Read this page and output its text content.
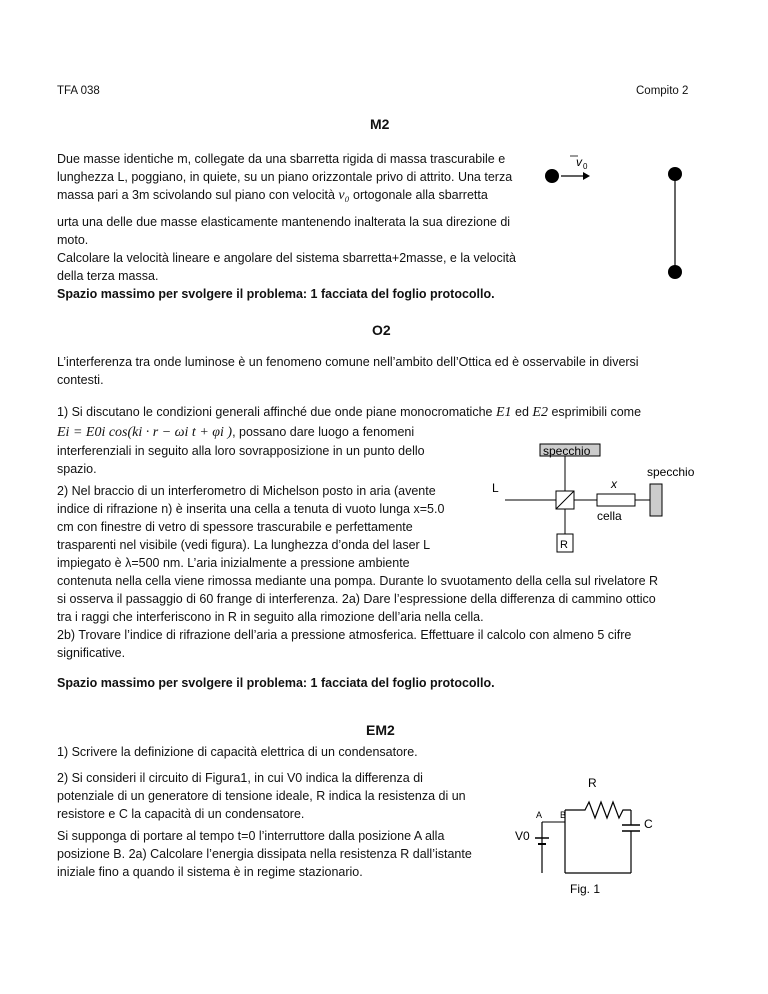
TFA 038	Compito 2
M2
Due masse identiche m, collegate da una sbarretta rigida di massa trascurabile e
lunghezza L, poggiano, in quiete, su un piano orizzontale privo di attrito. Una terza
massa pari a 3m scivolando sul piano con velocità v₀ ortogonale alla sbarretta
urta una delle due masse elasticamente mantenendo inalterata la sua direzione di
moto.
Calcolare la velocità lineare e angolare del sistema sbarretta+2masse, e la velocità
della terza massa.
Spazio massimo per svolgere il problema: 1 facciata del foglio protocollo.
v 0
O2
L’interferenza tra onde luminose è un fenomeno comune nell’ambito dell’Ottica ed è osservabile in diversi
contesti.
1) Si discutano le condizioni generali affinché due onde piane monocromatiche E1 ed E2 esprimibili come
Ei = E0i cos(ki · r − ωi t + φi ), possano dare luogo a fenomeni
interferenziali in seguito alla loro sovrapposizione in un punto dello
spazio.
2) Nel braccio di un interferometro di Michelson posto in aria (avente
indice di rifrazione n) è inserita una cella a tenuta di vuoto lunga x=5.0
cm con finestre di vetro di spessore trascurabile e perfettamente
trasparenti nel visibile (vedi figura). La lunghezza d’onda del laser L
impiegato è λ=500 nm. L’aria inizialmente a pressione ambiente
contenuta nella cella viene rimossa mediante una pompa. Durante lo svuotamento della cella sul rivelatore R
si osserva il passaggio di 60 frange di interferenza. 2a) Dare l’espressione della differenza di cammino ottico
tra i raggi che interferiscono in R in seguito alla rimozione dell’aria nella cella.
2b) Trovare l’indice di rifrazione dell’aria a pressione atmosferica. Effettuare il calcolo con almeno 5 cifre
significative.
Spazio massimo per svolgere il problema: 1 facciata del foglio protocollo.
specchio
specchio
L	x
cella
R
EM2
1) Scrivere la definizione di capacità elettrica di un condensatore.
2) Si consideri il circuito di Figura1, in cui V0 indica la differenza di
potenziale di un generatore di tensione ideale, R indica la resistenza di un
resistore e C la capacità di un condensatore.
Si supponga di portare al tempo t=0 l’interruttore dalla posizione A alla
posizione B. 2a) Calcolare l’energia dissipata nella resistenza R dall’istante
iniziale fino a quando il sistema è in regime stazionario.
R
C
A B
V0
Fig. 1
